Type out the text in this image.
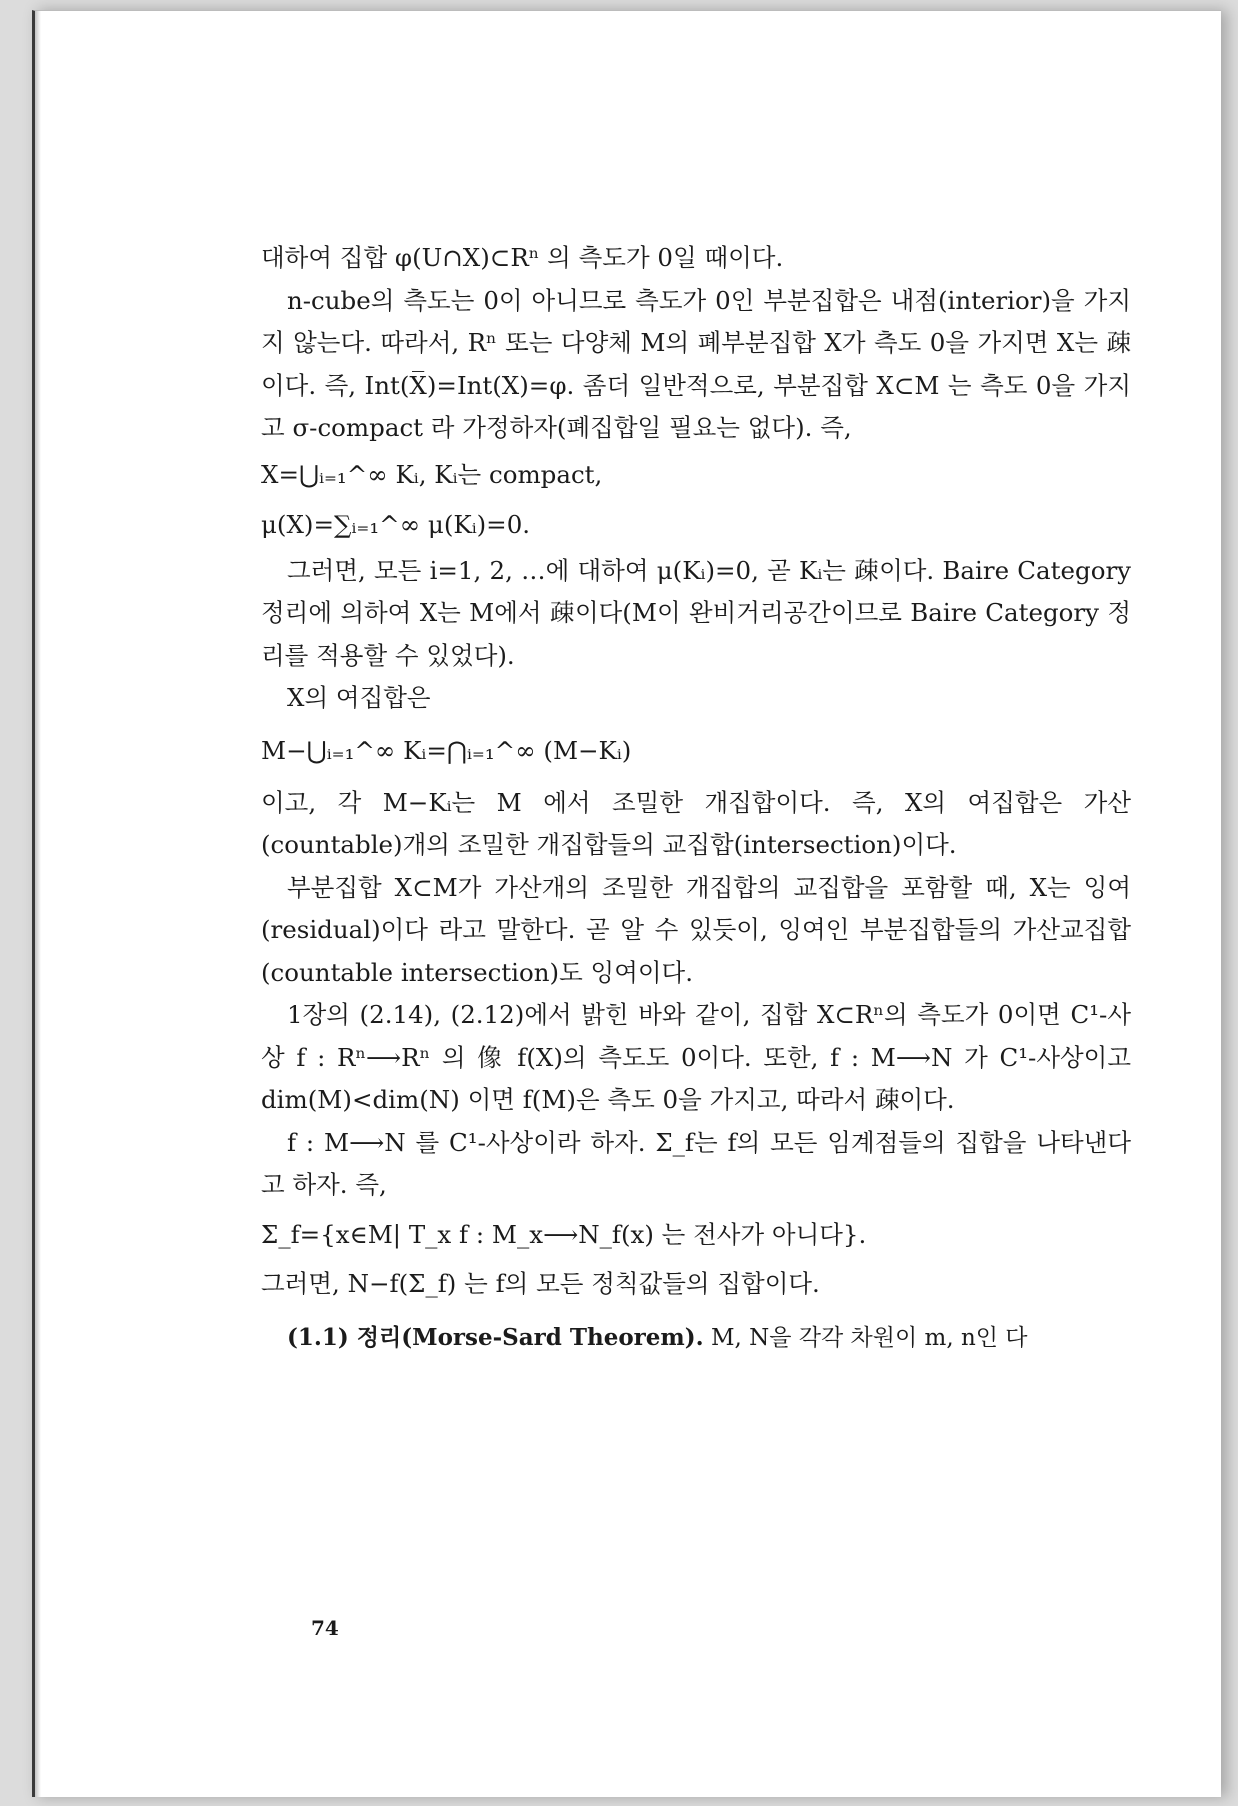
대하여 집합 φ(U∩X)⊂Rⁿ 의 측도가 0일 때이다.

n-cube의 측도는 0이 아니므로 측도가 0인 부분집합은 내점(interior)을 가지지 않는다. 따라서, Rⁿ 또는 다양체 M의 폐부분집합 X가 측도 0을 가지면 X는 疎이다. 즉, Int(X̅)=Int(X)=φ. 좀더 일반적으로, 부분집합 X⊂M 는 측도 0을 가지고 σ-compact 라 가정하자(폐집합일 필요는 없다). 즉,

X=⋃ᵢ₌₁^∞ Kᵢ, Kᵢ는 compact,

μ(X)=∑ᵢ₌₁^∞ μ(Kᵢ)=0.

그러면, 모든 i=1, 2, …에 대하여 μ(Kᵢ)=0, 곧 Kᵢ는 疎이다. Baire Category 정리에 의하여 X는 M에서 疎이다(M이 완비거리공간이므로 Baire Category 정리를 적용할 수 있었다).

X의 여집합은

M−⋃ᵢ₌₁^∞ Kᵢ=⋂ᵢ₌₁^∞ (M−Kᵢ)

이고, 각 M−Kᵢ는 M 에서 조밀한 개집합이다. 즉, X의 여집합은 가산(countable)개의 조밀한 개집합들의 교집합(intersection)이다.

부분집합 X⊂M가 가산개의 조밀한 개집합의 교집합을 포함할 때, X는 잉여(residual)이다 라고 말한다. 곧 알 수 있듯이, 잉여인 부분집합들의 가산교집합(countable intersection)도 잉여이다.

1장의 (2.14), (2.12)에서 밝힌 바와 같이, 집합 X⊂Rⁿ의 측도가 0이면 C¹-사상 f : Rⁿ⟶Rⁿ 의 像 f(X)의 측도도 0이다. 또한, f : M⟶N 가 C¹-사상이고 dim(M)<dim(N) 이면 f(M)은 측도 0을 가지고, 따라서 疎이다.

f : M⟶N 를 C¹-사상이라 하자. Σ_f는 f의 모든 임계점들의 집합을 나타낸다고 하자. 즉,

Σ_f={x∈M| T_x f : M_x⟶N_f(x) 는 전사가 아니다}.

그러면, N−f(Σ_f) 는 f의 모든 정칙값들의 집합이다.

(1.1) 정리(Morse-Sard Theorem). M, N을 각각 차원이 m, n인 다

74
